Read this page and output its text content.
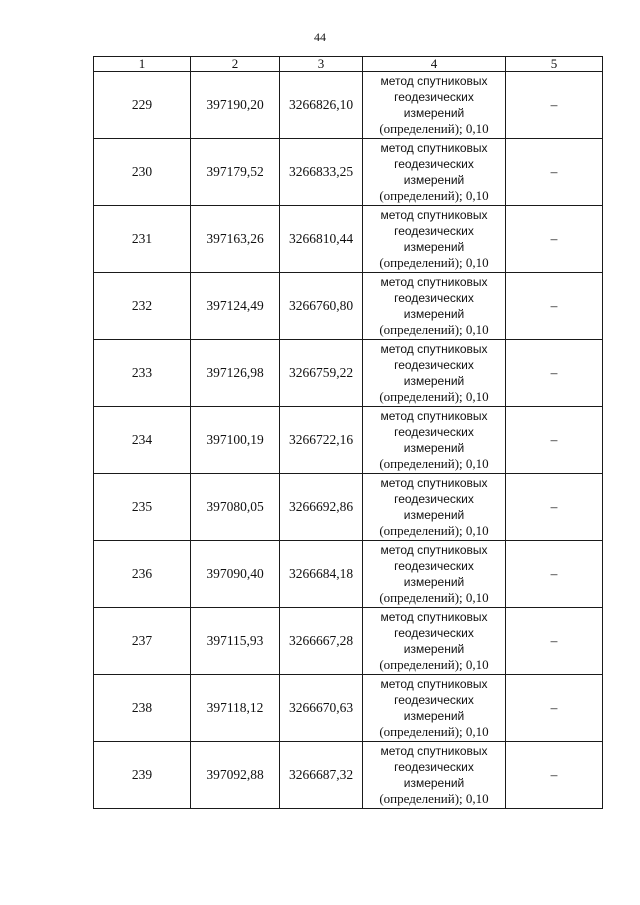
44
1	2	3	4	5
229	397190,20	3266826,10	метод спутниковых
геодезических
измерений
(определений); 0,10	–
230	397179,52	3266833,25	метод спутниковых
геодезических
измерений
(определений); 0,10	–
231	397163,26	3266810,44	метод спутниковых
геодезических
измерений
(определений); 0,10	–
232	397124,49	3266760,80	метод спутниковых
геодезических
измерений
(определений); 0,10	–
233	397126,98	3266759,22	метод спутниковых
геодезических
измерений
(определений); 0,10	–
234	397100,19	3266722,16	метод спутниковых
геодезических
измерений
(определений); 0,10	–
235	397080,05	3266692,86	метод спутниковых
геодезических
измерений
(определений); 0,10	–
236	397090,40	3266684,18	метод спутниковых
геодезических
измерений
(определений); 0,10	–
237	397115,93	3266667,28	метод спутниковых
геодезических
измерений
(определений); 0,10	–
238	397118,12	3266670,63	метод спутниковых
геодезических
измерений
(определений); 0,10	–
239	397092,88	3266687,32	метод спутниковых
геодезических
измерений
(определений); 0,10	–
